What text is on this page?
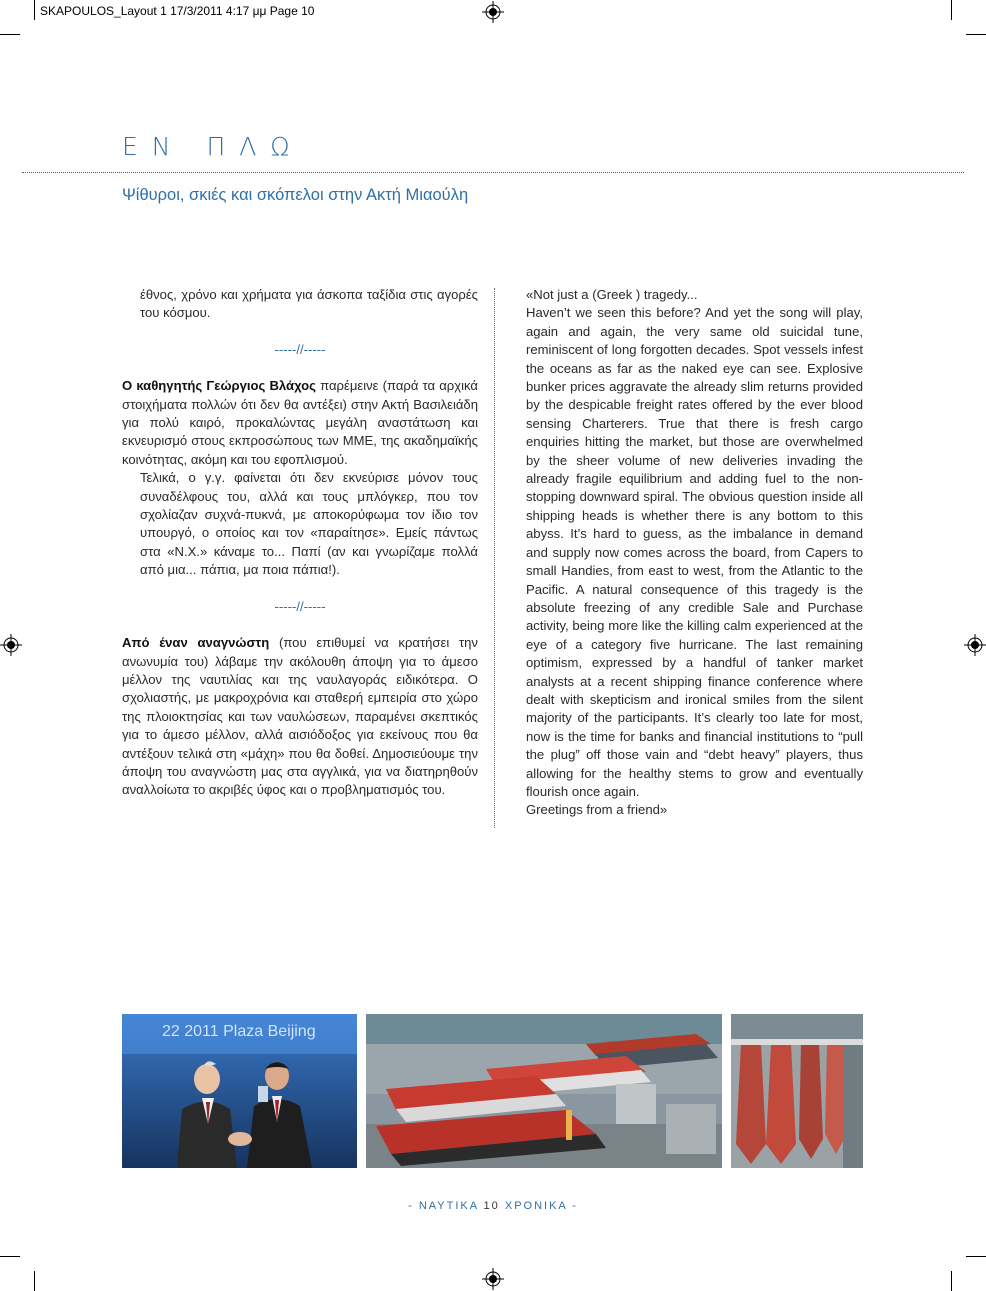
SKAPOULOS_Layout 1 17/3/2011 4:17 μμ Page 10
ΕΝ ΠΛΩ
Ψίθυροι, σκιές και σκόπελοι στην Ακτή Μιαούλη

έθνος, χρόνο και χρήματα για άσκοπα ταξίδια στις αγορές του κόσμου.

-----//-----

Ο καθηγητής Γεώργιος Βλάχος παρέμεινε (παρά τα αρχικά στοιχήματα πολλών ότι δεν θα αντέξει) στην Ακτή Βασιλειάδη για πολύ καιρό, προκαλώντας μεγάλη αναστάτωση και εκνευρισμό στους εκπροσώπους των ΜΜΕ, της ακαδημαϊκής κοινότητας, ακόμη και του εφοπλισμού.

Τελικά, ο γ.γ. φαίνεται ότι δεν εκνεύρισε μόνον τους συναδέλφους του, αλλά και τους μπλόγκερ, που τον σχολίαζαν συχνά-πυκνά, με αποκορύφωμα τον ίδιο τον υπουργό, ο οποίος και τον «παραίτησε». Εμείς πάντως στα «Ν.Χ.» κάναμε το... Παπί (αν και γνωρίζαμε πολλά από μια... πάπια, μα ποια πάπια!).

-----//-----

Από έναν αναγνώστη (που επιθυμεί να κρατήσει την ανωνυμία του) λάβαμε την ακόλουθη άποψη για το άμεσο μέλλον της ναυτιλίας και της ναυλαγοράς ειδικότερα. Ο σχολιαστής, με μακροχρόνια και σταθερή εμπειρία στο χώρο της πλοιοκτησίας και των ναυλώσεων, παραμένει σκεπτικός για το άμεσο μέλλον, αλλά αισιόδοξος για εκείνους που θα αντέξουν τελικά στη «μάχη» που θα δοθεί. Δημοσιεύουμε την άποψη του αναγνώστη μας στα αγγλικά, για να διατηρηθούν αναλλοίωτα το ακριβές ύφος και ο προβληματισμός του.

«Not just a (Greek ) tragedy...

Haven’t we seen this before? And yet the song will play, again and again, the very same old suicidal tune, reminiscent of long forgotten decades. Spot vessels infest the oceans as far as the naked eye can see. Explosive bunker prices aggravate the already slim returns provided by the despicable freight rates offered by the ever blood sensing Charterers. True that there is fresh cargo enquiries hitting the market, but those are overwhelmed by the sheer volume of new deliveries invading the already fragile equilibrium and adding fuel to the non-stopping downward spiral. The obvious question inside all shipping heads is whether there is any bottom to this abyss. It’s hard to guess, as the imbalance in demand and supply now comes across the board, from Capers to small Handies, from east to west, from the Atlantic to the Pacific. A natural consequence of this tragedy is the absolute freezing of any credible Sale and Purchase activity, being more like the killing calm experienced at the eye of a category five hurricane. The last remaining optimism, expressed by a handful of tanker market analysts at a recent shipping finance conference where dealt with skepticism and ironical smiles from the silent majority of the participants. It’s clearly too late for most, now is the time for banks and financial institutions to “pull the plug” off those vain and “debt heavy” players, thus allowing for the healthy stems to grow and eventually flourish once again.

Greetings from a friend»

22 2011 Plaza Beijing
- ΝΑΥΤΙΚΑ 10 ΧΡΟΝΙΚΑ -
